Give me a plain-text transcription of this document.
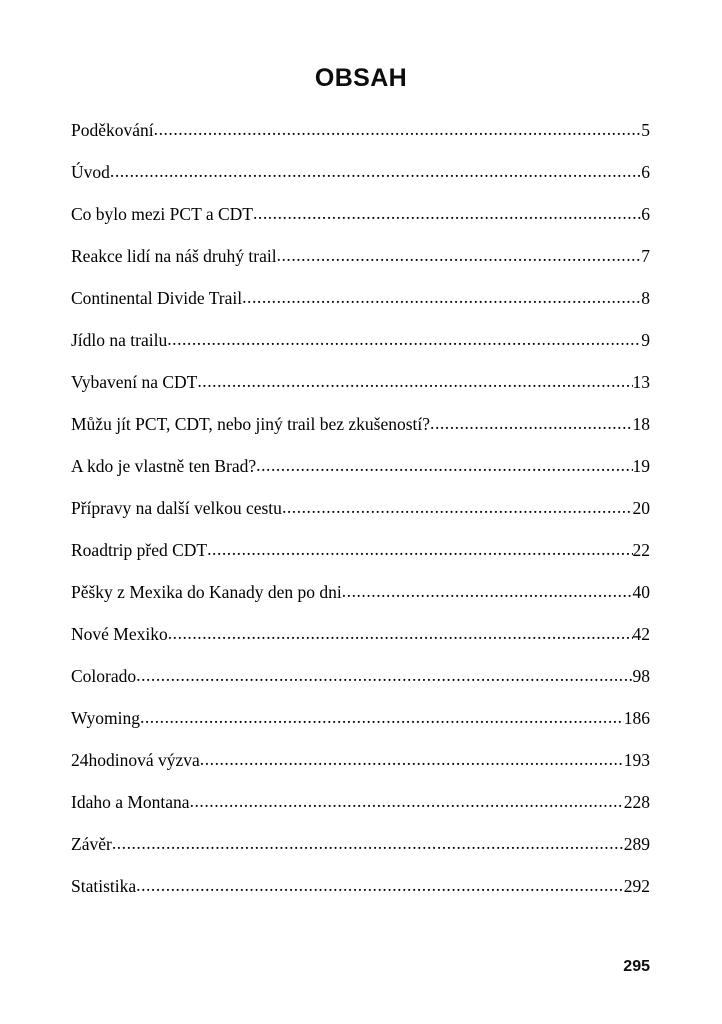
OBSAH
Poděkování .....	5
Úvod .....	6
Co bylo mezi PCT a CDT .....	6
Reakce lidí na náš druhý trail .....	7
Continental Divide Trail .....	8
Jídlo na trailu .....	9
Vybavení na CDT .....	13
Můžu jít PCT, CDT, nebo jiný trail bez zkušeností? .....	18
A kdo je vlastně ten Brad? .....	19
Přípravy na další velkou cestu .....	20
Roadtrip před CDT .....	22
Pěšky z Mexika do Kanady den po dni .....	40
Nové Mexiko .....	42
Colorado .....	98
Wyoming .....	186
24hodinová výzva .....	193
Idaho a Montana .....	228
Závěr .....	289
Statistika .....	292
295
